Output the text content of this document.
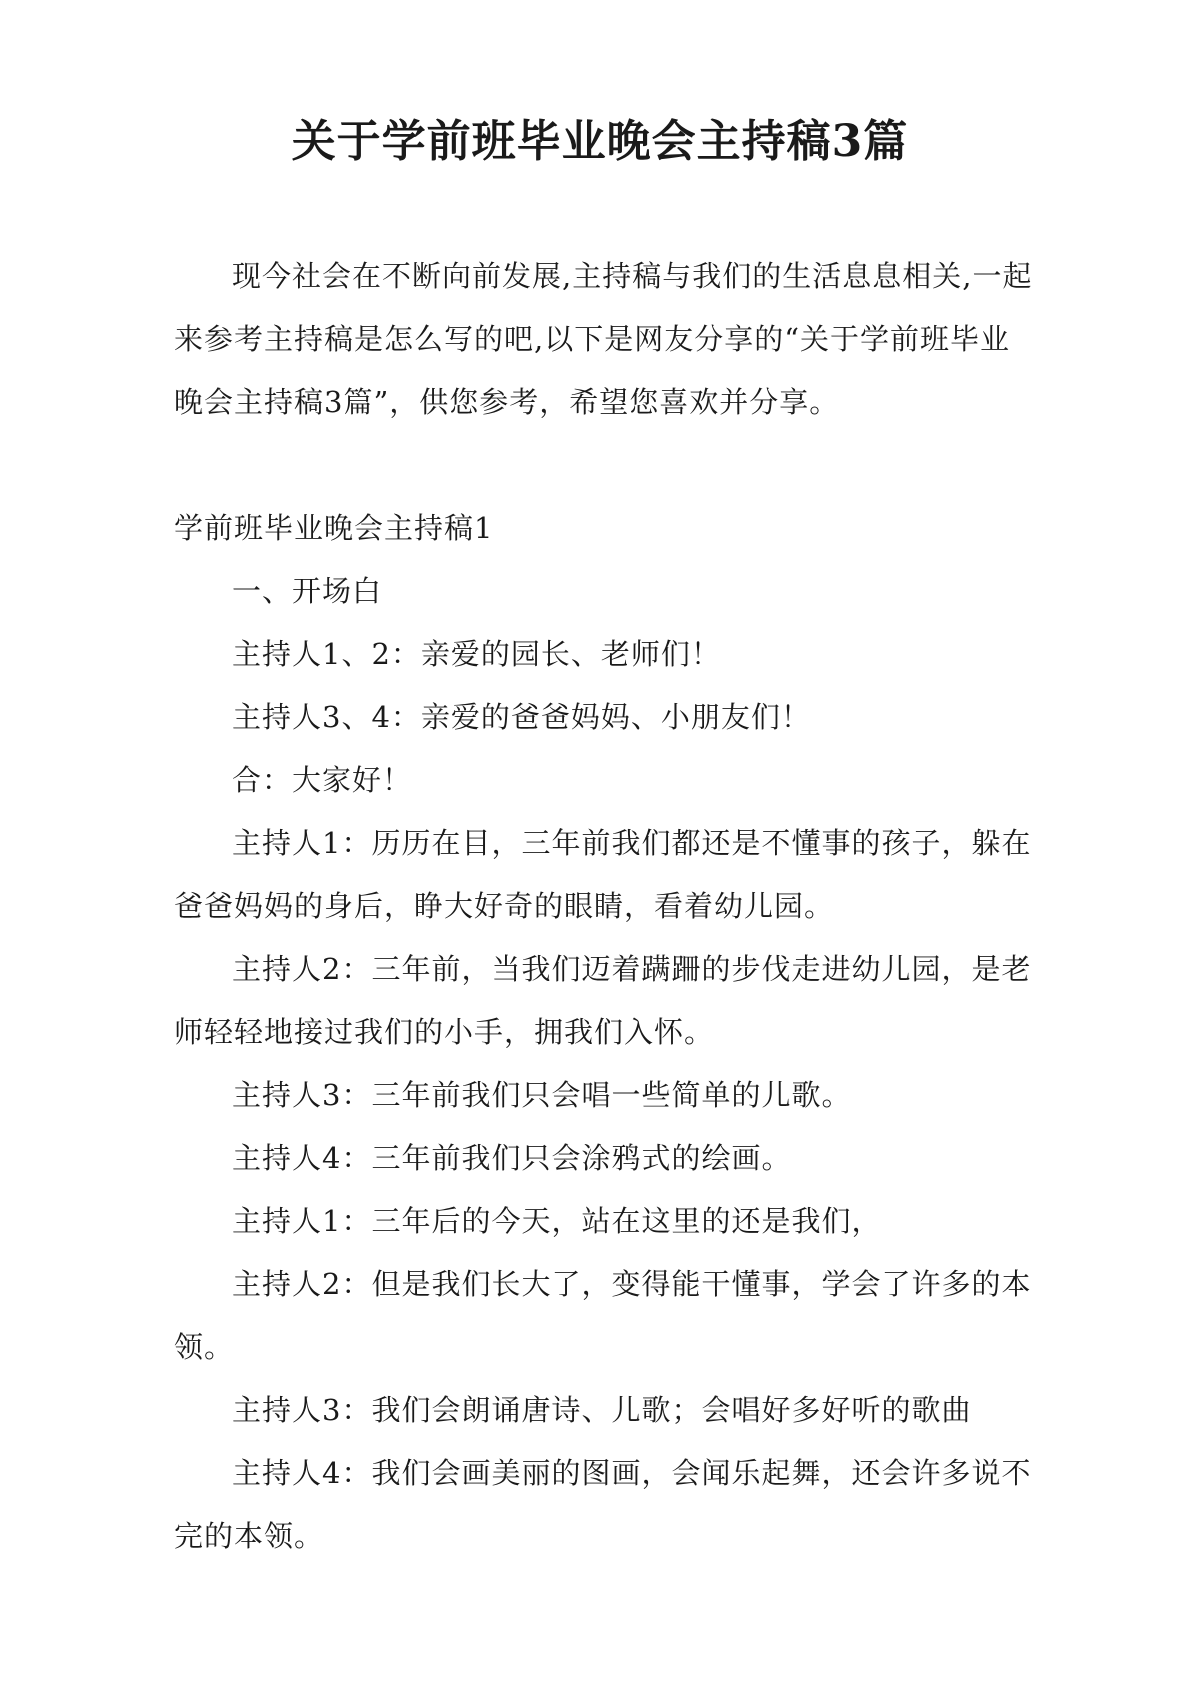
关于学前班毕业晚会主持稿3篇

现今社会在不断向前发展,主持稿与我们的生活息息相关,一起来参考主持稿是怎么写的吧,以下是网友分享的“关于学前班毕业晚会主持稿3篇”，供您参考，希望您喜欢并分享。

学前班毕业晚会主持稿1

一、开场白

主持人1、2：亲爱的园长、老师们！

主持人3、4：亲爱的爸爸妈妈、小朋友们！

合：大家好！

主持人1：历历在目，三年前我们都还是不懂事的孩子，躲在爸爸妈妈的身后，睁大好奇的眼睛，看着幼儿园。

主持人2：三年前，当我们迈着蹒跚的步伐走进幼儿园，是老师轻轻地接过我们的小手，拥我们入怀。

主持人3：三年前我们只会唱一些简单的儿歌。

主持人4：三年前我们只会涂鸦式的绘画。

主持人1：三年后的今天，站在这里的还是我们，

主持人2：但是我们长大了，变得能干懂事，学会了许多的本领。

主持人3：我们会朗诵唐诗、儿歌；会唱好多好听的歌曲

主持人4：我们会画美丽的图画，会闻乐起舞，还会许多说不完的本领。
